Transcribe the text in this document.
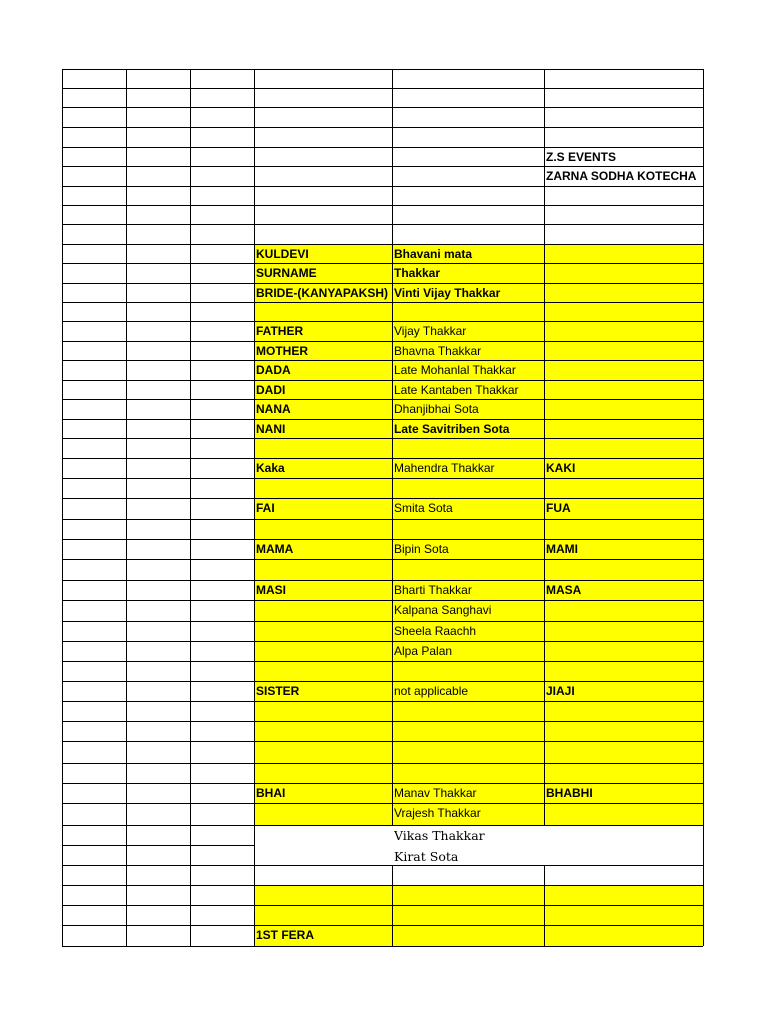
Z.S EVENTS
ZARNA SODHA KOTECHA
KULDEVI	Bhavani mata
SURNAME	Thakkar
BRIDE-(KANYAPAKSH) Vinti Vijay Thakkar
FATHER	Vijay Thakkar
MOTHER	Bhavna Thakkar
DADA	Late Mohanlal Thakkar
DADI	Late Kantaben Thakkar
NANA	Dhanjibhai Sota
NANI	Late Savitriben Sota
Kaka	Mahendra Thakkar	KAKI
FAI	Smita Sota	FUA
MAMA	Bipin Sota	MAMI
MASI	Bharti Thakkar	MASA
Kalpana Sanghavi
Sheela Raachh
Alpa Palan
SISTER	not applicable	JIAJI
BHAI	Manav Thakkar	BHABHI
Vrajesh Thakkar
Vikas Thakkar
Kirat Sota
1ST FERA
